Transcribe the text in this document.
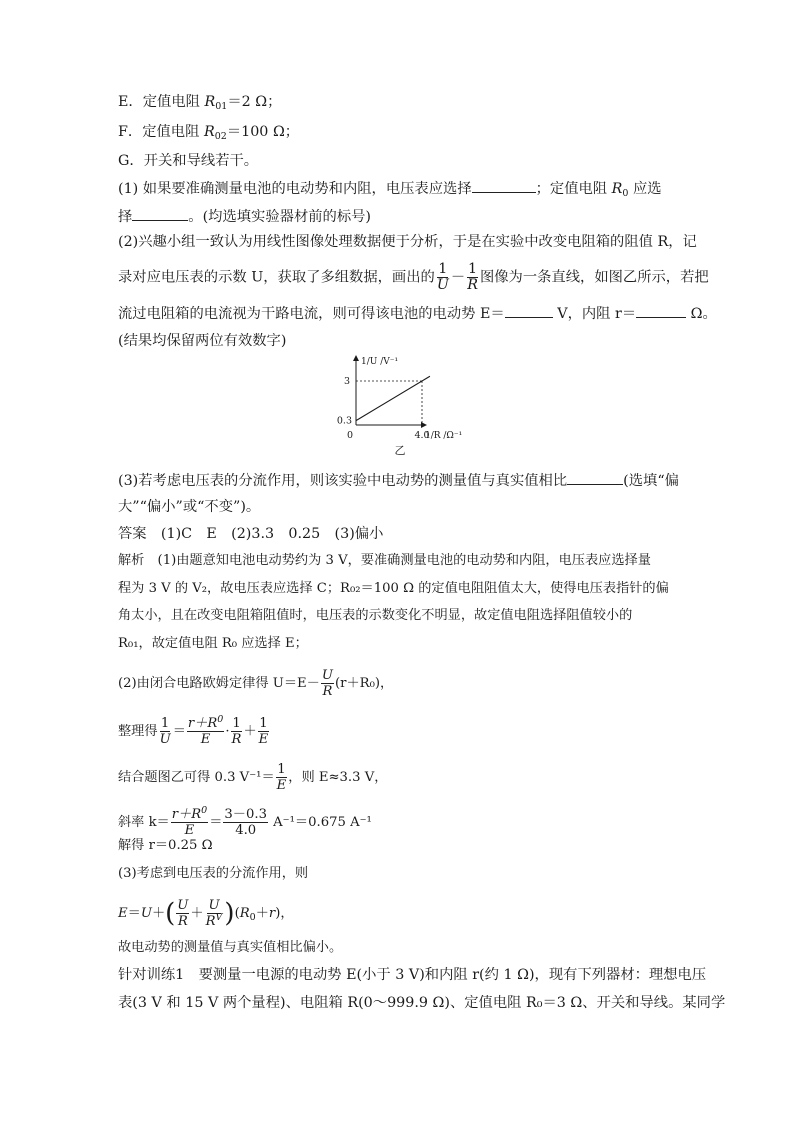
E．定值电阻 $R_{01}=2$ Ω；
F．定值电阻 $R_{02}=100$ Ω；
G．开关和导线若干。
(1) 如果要准确测量电池的电动势和内阻，电压表应选择	；定值电阻 $R_0$ 应选
择	。(均选填实验器材前的标号)
(2)兴趣小组一致认为用线性图像处理数据便于分析，于是在实验中改变电阻箱的阻值 R，记
录对应电压表的示数 U，获取了多组数据，画出的 $\frac{1}{U} - \frac{1}{R}$ 图像为一条直线，如图乙所示，若把
流过电阻箱的电流视为干路电流，则可得该电池的电动势 E＝	V，内阻 r＝	Ω。
(结果均保留两位有效数字)
0	4.0
0.3
3
1/U /V⁻¹
1/R /Ω⁻¹
乙
(3)若考虑电压表的分流作用，则该实验中电动势的测量值与真实值相比	(选填“偏
大”“偏小”或“不变”)。
答案　 (1)C　E　(2)3.3　0.25　(3)偏小
解析　(1)由题意知电池电动势约为 3 V，要准确测量电池的电动势和内阻，电压表应选择量
程为 3 V 的 V₂，故电压表应选择 C；R₀₂＝100 Ω 的定值电阻阻值太大，使得电压表指针的偏
角太小，且在改变电阻箱阻值时，电压表的示数变化不明显，故定值电阻选择阻值较小的
R₀₁，故定值电阻 R₀ 应选择 E；
(2)由闭合电路欧姆定律得 $U=E- \frac{U}{R} (r+R_0)$，
整理得 $\frac{1}{U} = \frac{r+R^0}{E} \cdot \frac{1}{R} + \frac{1}{E}$
结合题图乙可得 0.3 $V^{-1}= \frac{1}{E}$ ，则 E≈3.3 V，
斜率 $k= \frac{r+R^0}{E} = \frac{3-0.3}{4.0} A^{-1}=0.675$ A⁻¹
解得 r＝0.25 Ω
(3)考虑到电压表的分流作用，则
$E=U+( \frac{U}{R} + \frac{U}{R^V} )(R_0+r)$，
故电动势的测量值与真实值相比偏小。
针对训练1　要测量一电源的电动势 E(小于 3 V)和内阻 r(约 1 Ω)，现有下列器材：理想电压
表(3 V 和 15 V 两个量程)、电阻箱 R(0～999.9 Ω)、定值电阻 R₀＝3 Ω、开关和导线。某同学
